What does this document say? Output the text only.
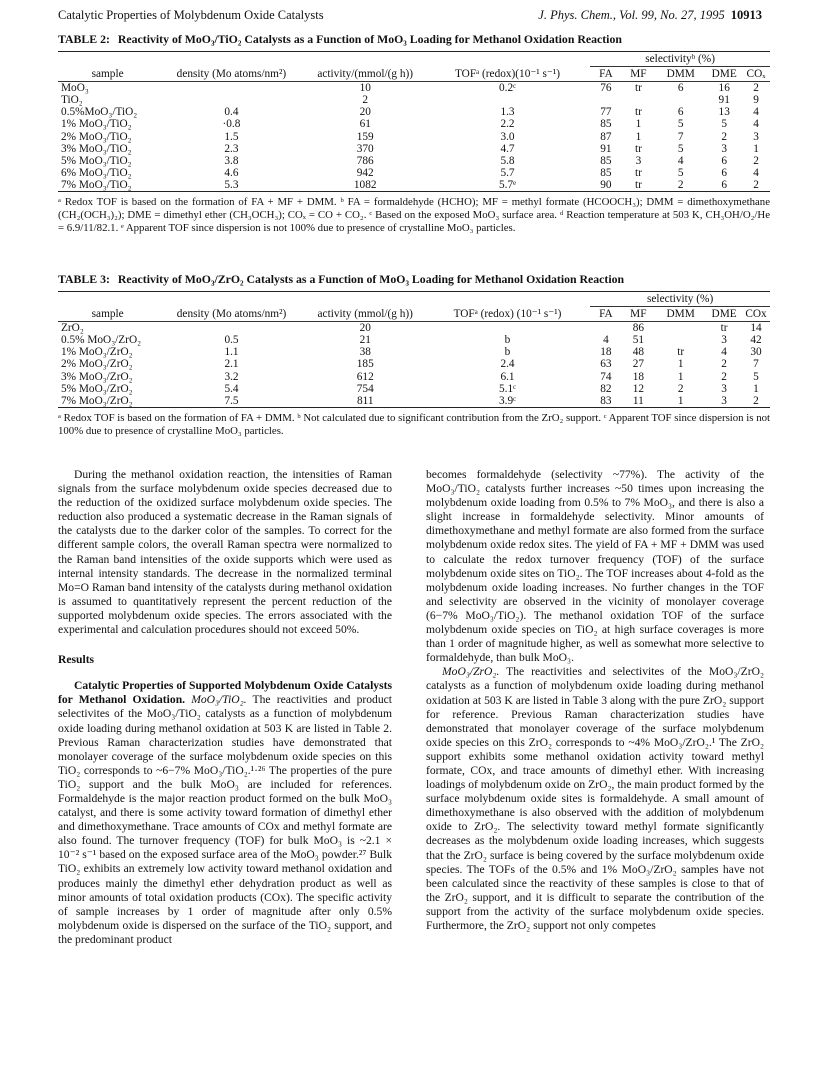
Catalytic Properties of Molybdenum Oxide Catalysts	J. Phys. Chem., Vol. 99, No. 27, 1995 10913
TABLE 2: Reactivity of MoO₃/TiO₂ Catalysts as a Function of MoO₃ Loading for Methanol Oxidation Reaction
				selectivityᵇ (%)				
sample	density (Mo atoms/nm²)	activity/(mmol/(g h))	TOFᵃ (redox)(10⁻¹ s⁻¹)	FA	MF	DMM	DME	COₓ
MoO₃		10	0.2ᶜ	76	tr	6	16	2
TiO₂		2					91	9
0.5%MoO₃/TiO₂	0.4	20	1.3	77	tr	6	13	4
1% MoO₃/TiO₂	·0.8	61	2.2	85	1	5	5	4
2% MoO₃/TiO₂	1.5	159	3.0	87	1	7	2	3
3% MoO₃/TiO₂	2.3	370	4.7	91	tr	5	3	1
5% MoO₃/TiO₂	3.8	786	5.8	85	3	4	6	2
6% MoO₃/TiO₂	4.6	942	5.7	85	tr	5	6	4
7% MoO₃/TiO₂	5.3	1082	5.7ᵉ	90	tr	2	6	2
ᵃ Redox TOF is based on the formation of FA + MF + DMM. ᵇ FA = formaldehyde (HCHO); MF = methyl formate (HCOOCH₃); DMM = dimethoxymethane (CH₂(OCH₃)₂); DME = dimethyl ether (CH₃OCH₃); COₓ = CO + CO₂. ᶜ Based on the exposed MoO₃ surface area. ᵈ Reaction temperature at 503 K, CH₃OH/O₂/He = 6.9/11/82.1. ᵉ Apparent TOF since dispersion is not 100% due to presence of crystalline MoO₃ particles.
TABLE 3: Reactivity of MoO₃/ZrO₂ Catalysts as a Function of MoO₃ Loading for Methanol Oxidation Reaction
				selectivity (%)				
sample	density (Mo atoms/nm²)	activity (mmol/(g h))	TOFᵃ (redox) (10⁻¹ s⁻¹)	FA	MF	DMM	DME	COx
ZrO₂		20			86		tr	14
0.5% MoO₃/ZrO₂	0.5	21	b	4	51		3	42
1% MoO₃/ZrO₂	1.1	38	b	18	48	tr	4	30
2% MoO₃/ZrO₂	2.1	185	2.4	63	27	1	2	7
3% MoO₃/ZrO₂	3.2	612	6.1	74	18	1	2	5
5% MoO₃/ZrO₂	5.4	754	5.1ᶜ	82	12	2	3	1
7% MoO₃/ZrO₂	7.5	811	3.9ᶜ	83	11	1	3	2
ᵃ Redox TOF is based on the formation of FA + DMM. ᵇ Not calculated due to significant contribution from the ZrO₂ support. ᶜ Apparent TOF since dispersion is not 100% due to presence of crystalline MoO₃ particles.

During the methanol oxidation reaction, the intensities of Raman signals from the surface molybdenum oxide species decreased due to the reduction of the oxidized surface molybdenum oxide species. The reduction also produced a systematic decrease in the Raman signals of the catalysts due to the darker color of the samples. To correct for the different sample colors, the overall Raman spectra were normalized to the Raman band intensities of the oxide supports which were used as internal intensity standards. The decrease in the normalized terminal Mo=O Raman band intensity of the catalysts during methanol oxidation is assumed to quantitatively represent the percent reduction of the supported molybdenum oxide species. The errors associated with the experimental and calculation procedures should not exceed 50%.

Results

Catalytic Properties of Supported Molybdenum Oxide Catalysts for Methanol Oxidation. MoO₃/TiO₂. The reactivities and product selectivites of the MoO₃/TiO₂ catalysts as a function of molybdenum oxide loading during methanol oxidation at 503 K are listed in Table 2. Previous Raman characterization studies have demonstrated that monolayer coverage of the surface molybdenum oxide species on this TiO₂ corresponds to ~6−7% MoO₃/TiO₂.¹·²⁶ The properties of the pure TiO₂ support and the bulk MoO₃ are included for references. Formaldehyde is the major reaction product formed on the bulk MoO₃ catalyst, and there is some activity toward formation of dimethyl ether and dimethoxymethane. Trace amounts of COx and methyl formate are also found. The turnover frequency (TOF) for bulk MoO₃ is ~2.1 × 10⁻² s⁻¹ based on the exposed surface area of the MoO₃ powder.²⁷ Bulk TiO₂ exhibits an extremely low activity toward methanol oxidation and produces mainly the dimethyl ether dehydration product as well as minor amounts of total oxidation products (COx). The specific activity of sample increases by 1 order of magnitude after only 0.5% molybdenum oxide is dispersed on the surface of the TiO₂ support, and the predominant product

becomes formaldehyde (selectivity ~77%). The activity of the MoO₃/TiO₂ catalysts further increases ~50 times upon increasing the molybdenum oxide loading from 0.5% to 7% MoO₃, and there is also a slight increase in formaldehyde selectivity. Minor amounts of dimethoxymethane and methyl formate are also formed from the surface molybdenum oxide redox sites. The yield of FA + MF + DMM was used to calculate the redox turnover frequency (TOF) of the surface molybdenum oxide sites on TiO₂. The TOF increases about 4-fold as the molybdenum oxide loading increases. No further changes in the TOF and selectivity are observed in the vicinity of monolayer coverage (6−7% MoO₃/TiO₂). The methanol oxidation TOF of the surface molybdenum oxide species on TiO₂ at high surface coverages is more than 1 order of magnitude higher, as well as somewhat more selective to formaldehyde, than bulk MoO₃.

MoO₃/ZrO₂. The reactivities and selectivites of the MoO₃/ZrO₂ catalysts as a function of molybdenum oxide loading during methanol oxidation at 503 K are listed in Table 3 along with the pure ZrO₂ support for reference. Previous Raman characterization studies have demonstrated that monolayer coverage of the surface molybdenum oxide species on this ZrO₂ corresponds to ~4% MoO₃/ZrO₂.¹ The ZrO₂ support exhibits some methanol oxidation activity toward methyl formate, COx, and trace amounts of dimethyl ether. With increasing loadings of molybdenum oxide on ZrO₂, the main product formed by the surface molybdenum oxide sites is formaldehyde. A small amount of dimethoxymethane is also observed with the addition of molybdenum oxide to ZrO₂. The selectivity toward methyl formate significantly decreases as the molybdenum oxide loading increases, which suggests that the ZrO₂ surface is being covered by the surface molybdenum oxide species. The TOFs of the 0.5% and 1% MoO₃/ZrO₂ samples have not been calculated since the reactivity of these samples is close to that of the ZrO₂ support, and it is difficult to separate the contribution of the support from the activity of the surface molybdenum oxide species. Furthermore, the ZrO₂ support not only competes
